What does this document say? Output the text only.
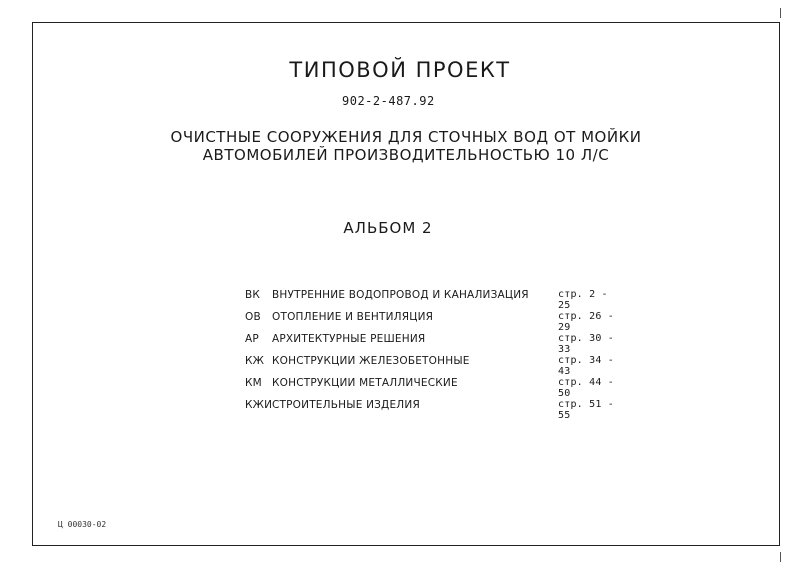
ТИПОВОЙ ПРОЕКТ
902-2-487.92
ОЧИСТНЫЕ СООРУЖЕНИЯ ДЛЯ СТОЧНЫХ ВОД ОТ МОЙКИ
АВТОМОБИЛЕЙ ПРОИЗВОДИТЕЛЬНОСТЬЮ 10 Л/С
АЛЬБОМ 2
ВК ВНУТРЕННИЕ ВОДОПРОВОД И КАНАЛИЗАЦИЯ	стр. 2 - 25
ОВ ОТОПЛЕНИЕ И ВЕНТИЛЯЦИЯ	стр. 26 - 29
АР АРХИТЕКТУРНЫЕ РЕШЕНИЯ	стр. 30 - 33
КЖ КОНСТРУКЦИИ ЖЕЛЕЗОБЕТОННЫЕ	стр. 34 - 43
КМ КОНСТРУКЦИИ МЕТАЛЛИЧЕСКИЕ	стр. 44 - 50
КЖИ СТРОИТЕЛЬНЫЕ ИЗДЕЛИЯ	стр. 51 - 55
Ц 00030-02
